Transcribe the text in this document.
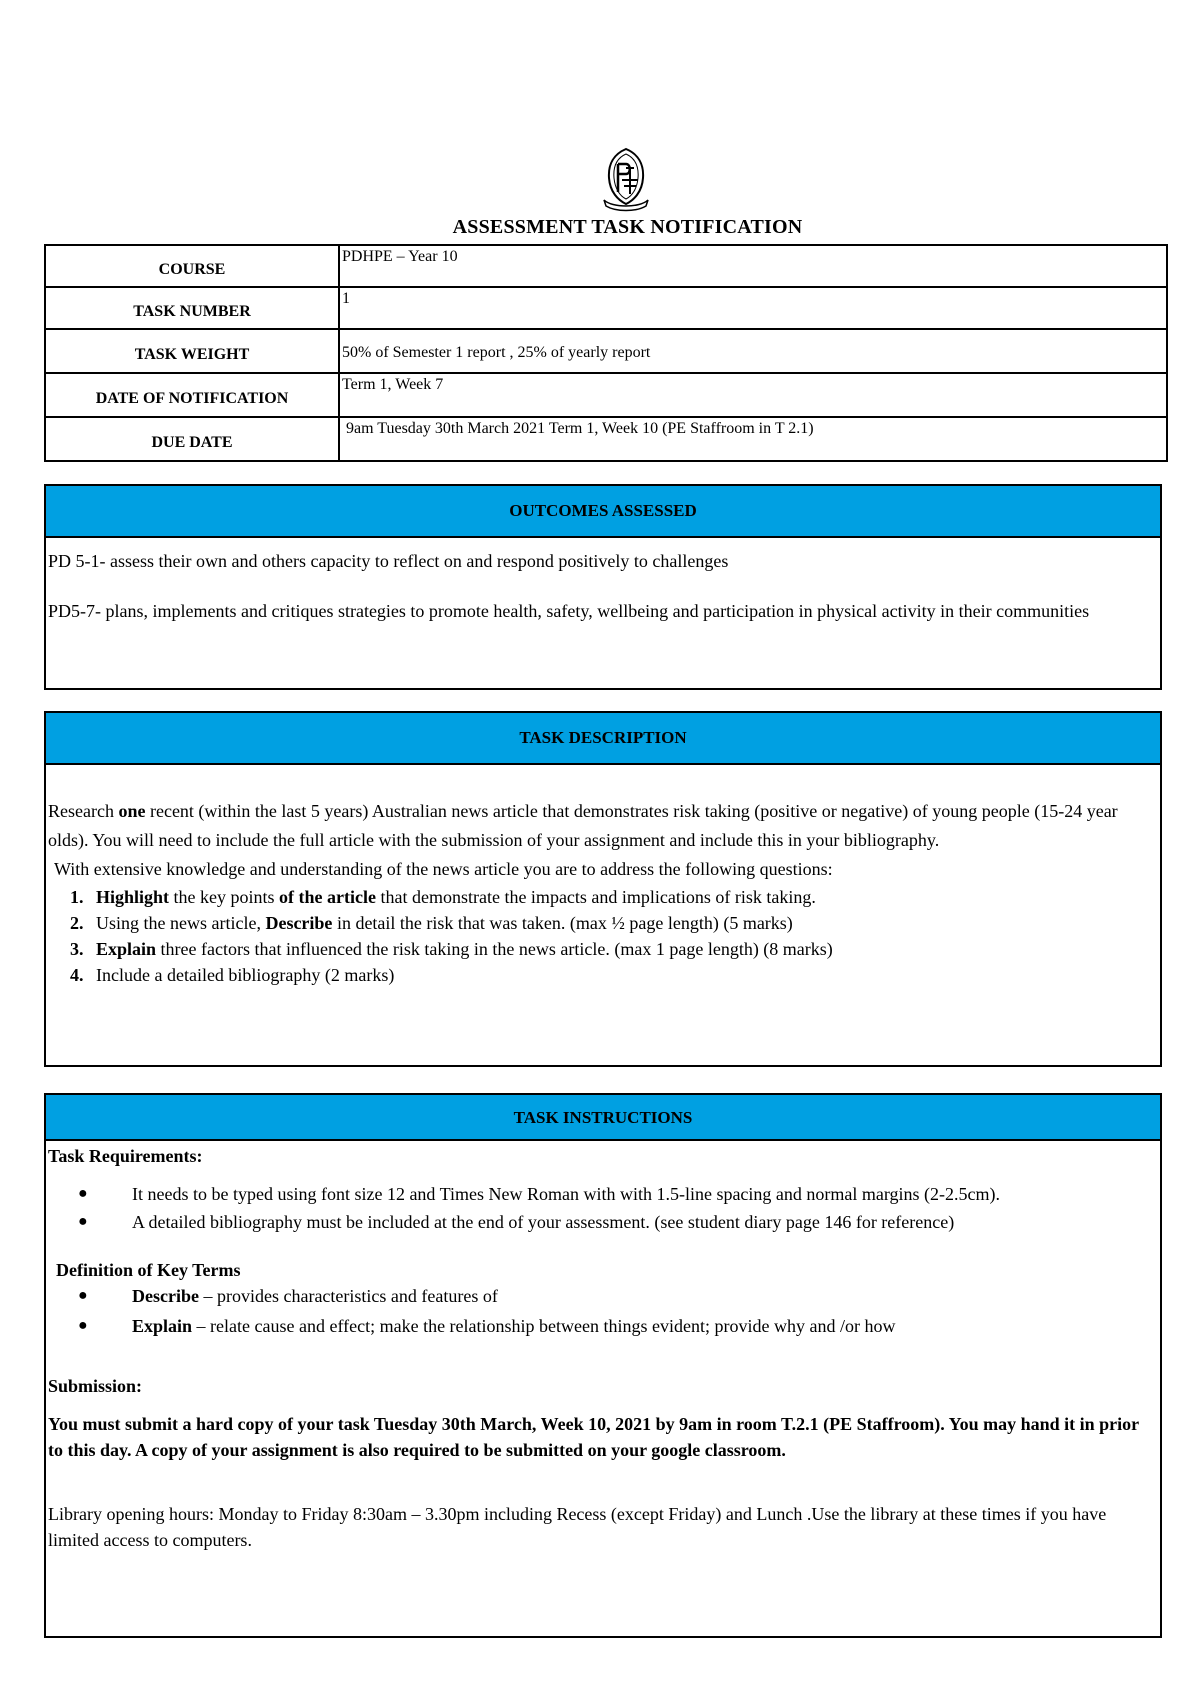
ASSESSMENT TASK NOTIFICATION
COURSE	PDHPE – Year 10
TASK NUMBER	1
TASK WEIGHT	50% of Semester 1 report , 25% of yearly report
DATE OF NOTIFICATION	Term 1, Week 7
DUE DATE	9am Tuesday 30th March 2021 Term 1, Week 10 (PE Staffroom in T 2.1)
OUTCOMES ASSESSED

PD 5-1- assess their own and others capacity to reflect on and respond positively to challenges

PD5-7- plans, implements and critiques strategies to promote health, safety, wellbeing and participation in physical activity in their communities

TASK DESCRIPTION

Research one recent (within the last 5 years) Australian news article that demonstrates risk taking (positive or negative) of young people (15-24 year olds). You will need to include the full article with the submission of your assignment and include this in your bibliography.

With extensive knowledge and understanding of the news article you are to address the following questions:

1. Highlight the key points of the article that demonstrate the impacts and implications of risk taking.
2. Using the news article, Describe in detail the risk that was taken. (max ½ page length) (5 marks)
3. Explain three factors that influenced the risk taking in the news article. (max 1 page length) (8 marks)
4. Include a detailed bibliography (2 marks)
TASK INSTRUCTIONS

Task Requirements:

● It needs to be typed using font size 12 and Times New Roman with with 1.5-line spacing and normal margins (2-2.5cm).
● A detailed bibliography must be included at the end of your assessment. (see student diary page 146 for reference)

Definition of Key Terms

● Describe – provides characteristics and features of
● Explain – relate cause and effect; make the relationship between things evident; provide why and /or how

Submission:

You must submit a hard copy of your task Tuesday 30th March, Week 10, 2021 by 9am in room T.2.1 (PE Staffroom). You may hand it in prior to this day. A copy of your assignment is also required to be submitted on your google classroom.

Library opening hours: Monday to Friday 8:30am – 3.30pm including Recess (except Friday) and Lunch .Use the library at these times if you have limited access to computers.
